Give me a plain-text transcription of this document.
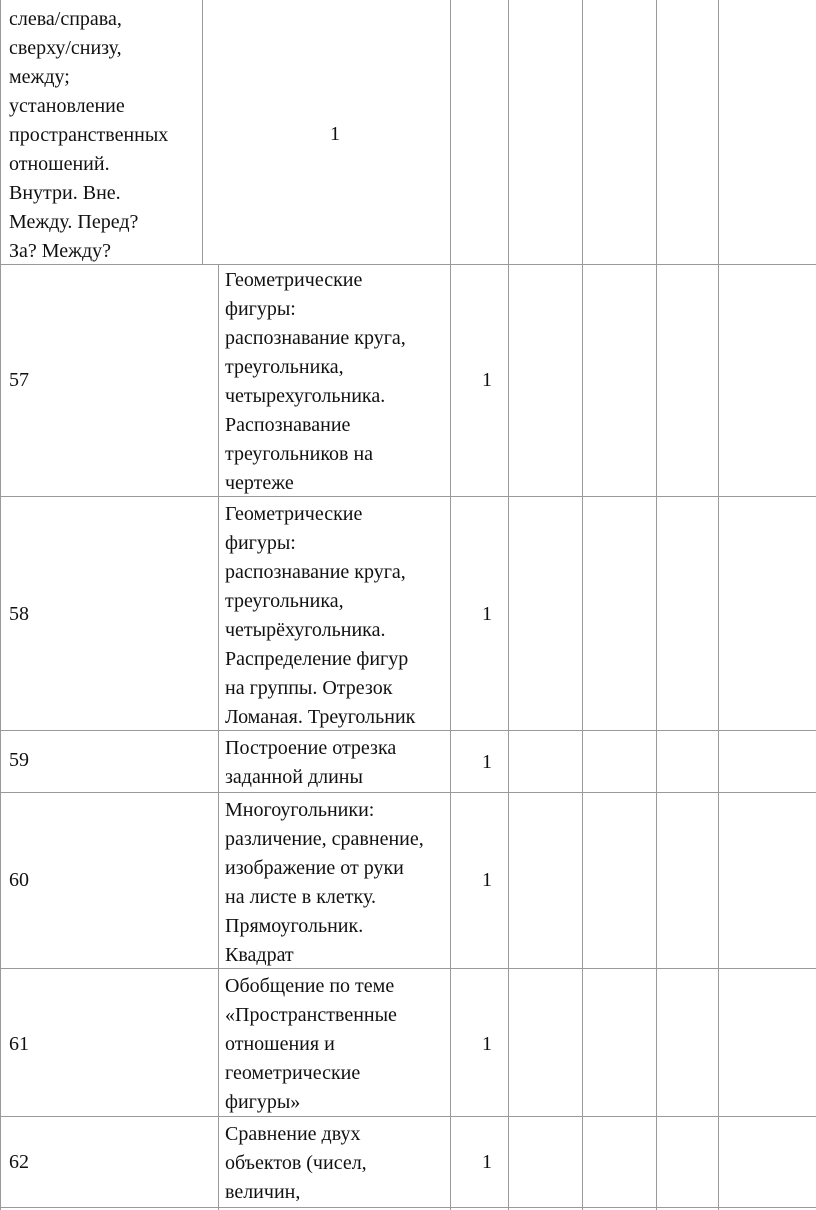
слева/справа,
сверху/снизу,
между;
установление
пространственных
отношений.
Внутри. Вне.
Между. Перед?
За? Между?
1
57
Геометрические
фигуры:
распознавание круга,
треугольника,
четырехугольника.
Распознавание
треугольников на
чертеже
1
58
Геометрические
фигуры:
распознавание круга,
треугольника,
четырёхугольника.
Распределение фигур
на группы. Отрезок
Ломаная. Треугольник
1
59
Построение отрезка
заданной длины
1
60
Многоугольники:
различение, сравнение,
изображение от руки
на листе в клетку.
Прямоугольник.
Квадрат
1
61
Обобщение по теме
«Пространственные
отношения и
геометрические
фигуры»
1
62
Сравнение двух
объектов (чисел,
величин,
1
